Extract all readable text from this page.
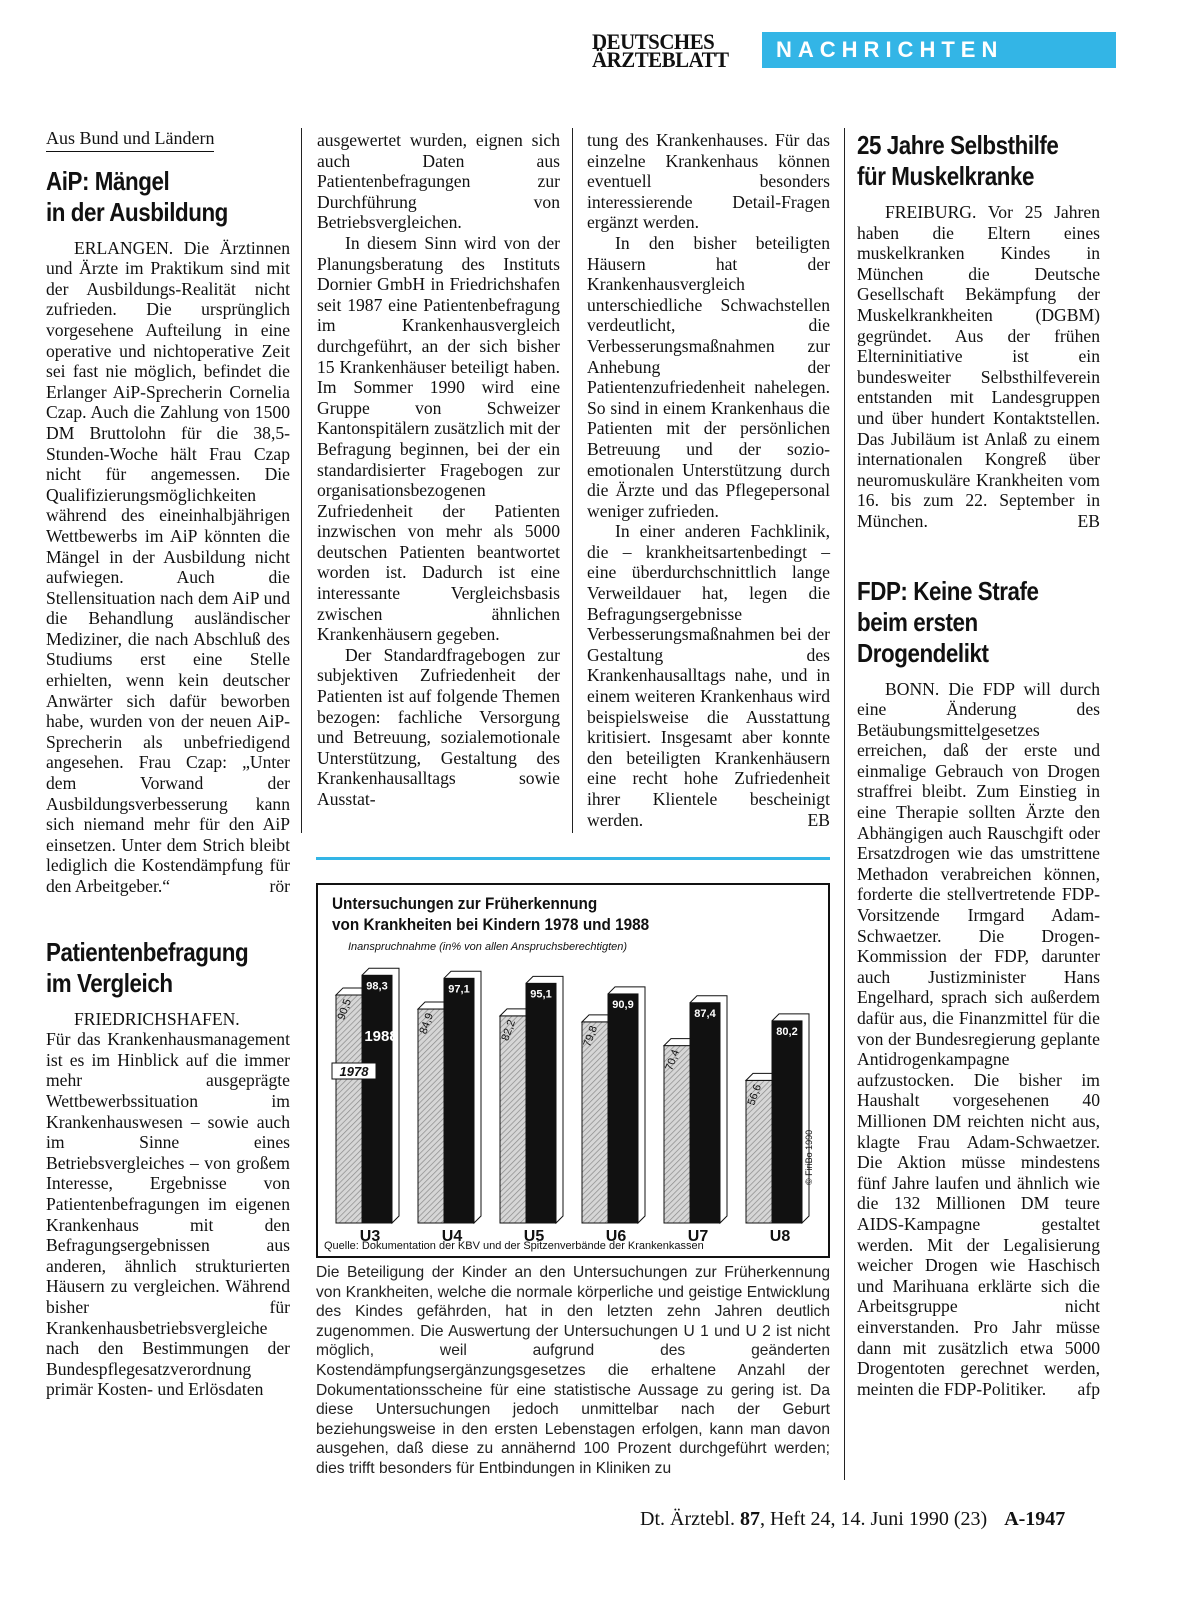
DEUTSCHES
ÄRZTEBLATT	NACHRICHTEN
Aus Bund und Ländern
AiP: Mängel
in der Ausbildung

ERLANGEN. Die Ärztinnen und Ärzte im Praktikum sind mit der Ausbildungs-Realität nicht zufrieden. Die ursprünglich vorgesehene Aufteilung in eine operative und nichtoperative Zeit sei fast nie möglich, befindet die Erlanger AiP-Sprecherin Cornelia Czap. Auch die Zahlung von 1500 DM Bruttolohn für die 38,5-Stunden-Woche hält Frau Czap nicht für angemessen. Die Qualifizierungsmöglichkeiten während des eineinhalbjährigen Wettbewerbs im AiP könnten die Mängel in der Ausbildung nicht aufwiegen. Auch die Stellensituation nach dem AiP und die Behandlung ausländischer Mediziner, die nach Abschluß des Studiums erst eine Stelle erhielten, wenn kein deutscher Anwärter sich dafür beworben habe, wurden von der neuen AiP-Sprecherin als unbefriedigend angesehen. Frau Czap: „Unter dem Vorwand der Ausbildungsverbesserung kann sich niemand mehr für den AiP einsetzen. Unter dem Strich bleibt lediglich die Kostendämpfung für den Arbeitgeber.“	rör

Patientenbefragung
im Vergleich

FRIEDRICHSHAFEN.

Für das Krankenhausmanagement ist es im Hinblick auf die immer mehr ausgeprägte Wettbewerbssituation im Krankenhauswesen – sowie auch im Sinne eines Betriebsvergleiches – von großem Interesse, Ergebnisse von Patientenbefragungen im eigenen Krankenhaus mit den Befragungsergebnissen aus anderen, ähnlich strukturierten Häusern zu vergleichen. Während bisher für Krankenhausbetriebsvergleiche nach den Bestimmungen der Bundespflegesatzverordnung primär Kosten- und Erlösdaten

ausgewertet wurden, eignen sich auch Daten aus Patientenbefragungen zur Durchführung von Betriebsvergleichen.

In diesem Sinn wird von der Planungsberatung des Instituts Dornier GmbH in Friedrichshafen seit 1987 eine Patientenbefragung im Krankenhausvergleich durchgeführt, an der sich bisher 15 Krankenhäuser beteiligt haben. Im Sommer 1990 wird eine Gruppe von Schweizer Kantonspitälern zusätzlich mit der Befragung beginnen, bei der ein standardisierter Fragebogen zur organisationsbezogenen Zufriedenheit der Patienten inzwischen von mehr als 5000 deutschen Patienten beantwortet worden ist. Dadurch ist eine interessante Vergleichsbasis zwischen ähnlichen Krankenhäusern gegeben.

Der Standardfragebogen zur subjektiven Zufriedenheit der Patienten ist auf folgende Themen bezogen: fachliche Versorgung und Betreuung, sozialemotionale Unterstützung, Gestaltung des Krankenhausalltags sowie Ausstat-

tung des Krankenhauses. Für das einzelne Krankenhaus können eventuell besonders interessierende Detail-Fragen ergänzt werden.

In den bisher beteiligten Häusern hat der Krankenhausvergleich unterschiedliche Schwachstellen verdeutlicht, die Verbesserungsmaßnahmen zur Anhebung der Patientenzufriedenheit nahelegen. So sind in einem Krankenhaus die Patienten mit der persönlichen Betreuung und der sozio-emotionalen Unterstützung durch die Ärzte und das Pflegepersonal weniger zufrieden.

In einer anderen Fachklinik, die – krankheitsartenbedingt – eine überdurchschnittlich lange Verweildauer hat, legen die Befragungsergebnisse Verbesserungsmaßnahmen bei der Gestaltung des Krankenhausalltags nahe, und in einem weiteren Krankenhaus wird beispielsweise die Ausstattung kritisiert. Insgesamt aber konnte den beteiligten Krankenhäusern eine recht hohe Zufriedenheit ihrer Klientele bescheinigt werden.	EB

25 Jahre Selbsthilfe
für Muskelkranke

FREIBURG. Vor 25 Jahren haben die Eltern eines muskelkranken Kindes in München die Deutsche Gesellschaft Bekämpfung der Muskelkrankheiten (DGBM) gegründet. Aus der frühen Elterninitiative ist ein bundesweiter Selbsthilfeverein entstanden mit Landesgruppen und über hundert Kontaktstellen. Das Jubiläum ist Anlaß zu einem internationalen Kongreß über neuromuskuläre Krankheiten vom 16. bis zum 22. September in München.	EB

FDP: Keine Strafe
beim ersten
Drogendelikt

BONN. Die FDP will durch eine Änderung des Betäubungsmittelgesetzes erreichen, daß der erste und einmalige Gebrauch von Drogen straffrei bleibt. Zum Einstieg in eine Therapie sollten Ärzte den Abhängigen auch Rauschgift oder Ersatzdrogen wie das umstrittene Methadon verabreichen können, forderte die stellvertretende FDP-Vorsitzende Irmgard Adam-Schwaetzer. Die Drogen-Kommission der FDP, darunter auch Justizminister Hans Engelhard, sprach sich außerdem dafür aus, die Finanzmittel für die von der Bundesregierung geplante Antidrogenkampagne aufzustocken. Die bisher im Haushalt vorgesehenen 40 Millionen DM reichten nicht aus, klagte Frau Adam-Schwaetzer. Die Aktion müsse mindestens fünf Jahre laufen und ähnlich wie die 132 Millionen DM teure AIDS-Kampagne gestaltet werden. Mit der Legalisierung weicher Drogen wie Haschisch und Marihuana erklärte sich die Arbeitsgruppe nicht einverstanden. Pro Jahr müsse dann mit zusätzlich etwa 5000 Drogentoten gerechnet werden, meinten die FDP-Politiker.	afp

Untersuchungen zur Früherkennung
von Krankheiten bei Kindern 1978 und 1988
Inanspruchnahme (in% von allen Anspruchsberechtigten)
90,5
98,3
U3
84,9
97,1
U4
82,2
95,1
U5
79,8
90,9
U6
70,4
87,4
U7
56,6
80,2
U8
1978
1988
Quelle: Dokumentation der KBV und der Spitzenverbände der Krankenkassen
© FiriBo 1990
Die Beteiligung der Kinder an den Untersuchungen zur Früherkennung von Krankheiten, welche die normale körperliche und geistige Entwicklung des Kindes gefährden, hat in den letzten zehn Jahren deutlich zugenommen. Die Auswertung der Untersuchungen U 1 und U 2 ist nicht möglich, weil aufgrund des geänderten Kostendämpfungsergänzungsgesetzes die erhaltene Anzahl der Dokumentationsscheine für eine statistische Aussage zu gering ist. Da diese Untersuchungen jedoch unmittelbar nach der Geburt beziehungsweise in den ersten Lebenstagen erfolgen, kann man davon ausgehen, daß diese zu annähernd 100 Prozent durchgeführt werden; dies trifft besonders für Entbindungen in Kliniken zu
Dt. Ärztebl. 87, Heft 24, 14. Juni 1990 (23) A-1947
